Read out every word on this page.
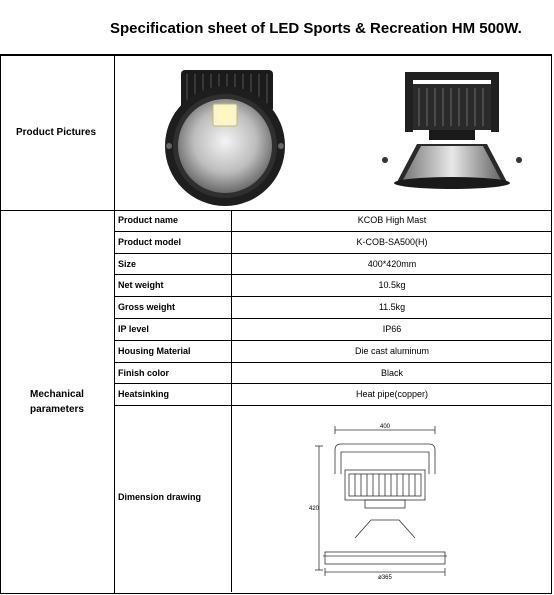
Specification sheet of LED Sports & Recreation HM 500W.
Product Pictures
Mechanical
parameters
Product name	KCOB High Mast
Product model	K-COB-SA500(H)
Size	400*420mm
Net weight	10.5kg
Gross weight	11.5kg
IP level	IP66
Housing Material	Die cast aluminum
Finish color	Black
Heatsinking	Heat pipe(copper)
Dimension drawing
400
420
ø365
